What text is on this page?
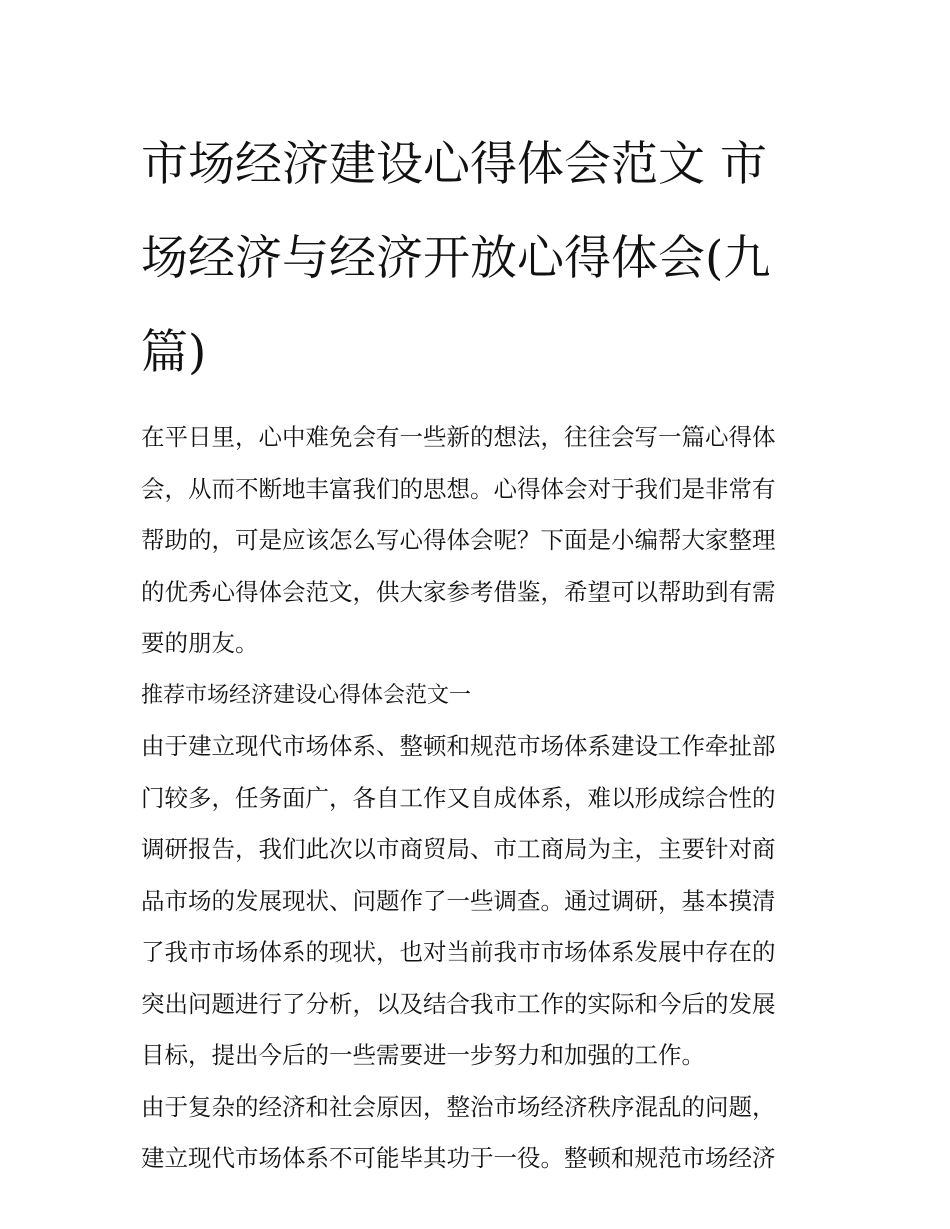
市场经济建设心得体会范文 市
场经济与经济开放心得体会(九
篇)
在平日里，心中难免会有一些新的想法，往往会写一篇心得体
会，从而不断地丰富我们的思想。心得体会对于我们是非常有
帮助的，可是应该怎么写心得体会呢？下面是小编帮大家整理
的优秀心得体会范文，供大家参考借鉴，希望可以帮助到有需
要的朋友。
推荐市场经济建设心得体会范文一
由于建立现代市场体系、整顿和规范市场体系建设工作牵扯部
门较多，任务面广，各自工作又自成体系，难以形成综合性的
调研报告，我们此次以市商贸局、市工商局为主，主要针对商
品市场的发展现状、问题作了一些调查。通过调研，基本摸清
了我市市场体系的现状，也对当前我市市场体系发展中存在的
突出问题进行了分析，以及结合我市工作的实际和今后的发展
目标，提出今后的一些需要进一步努力和加强的工作。
由于复杂的经济和社会原因，整治市场经济秩序混乱的问题，
建立现代市场体系不可能毕其功于一役。整顿和规范市场经济
